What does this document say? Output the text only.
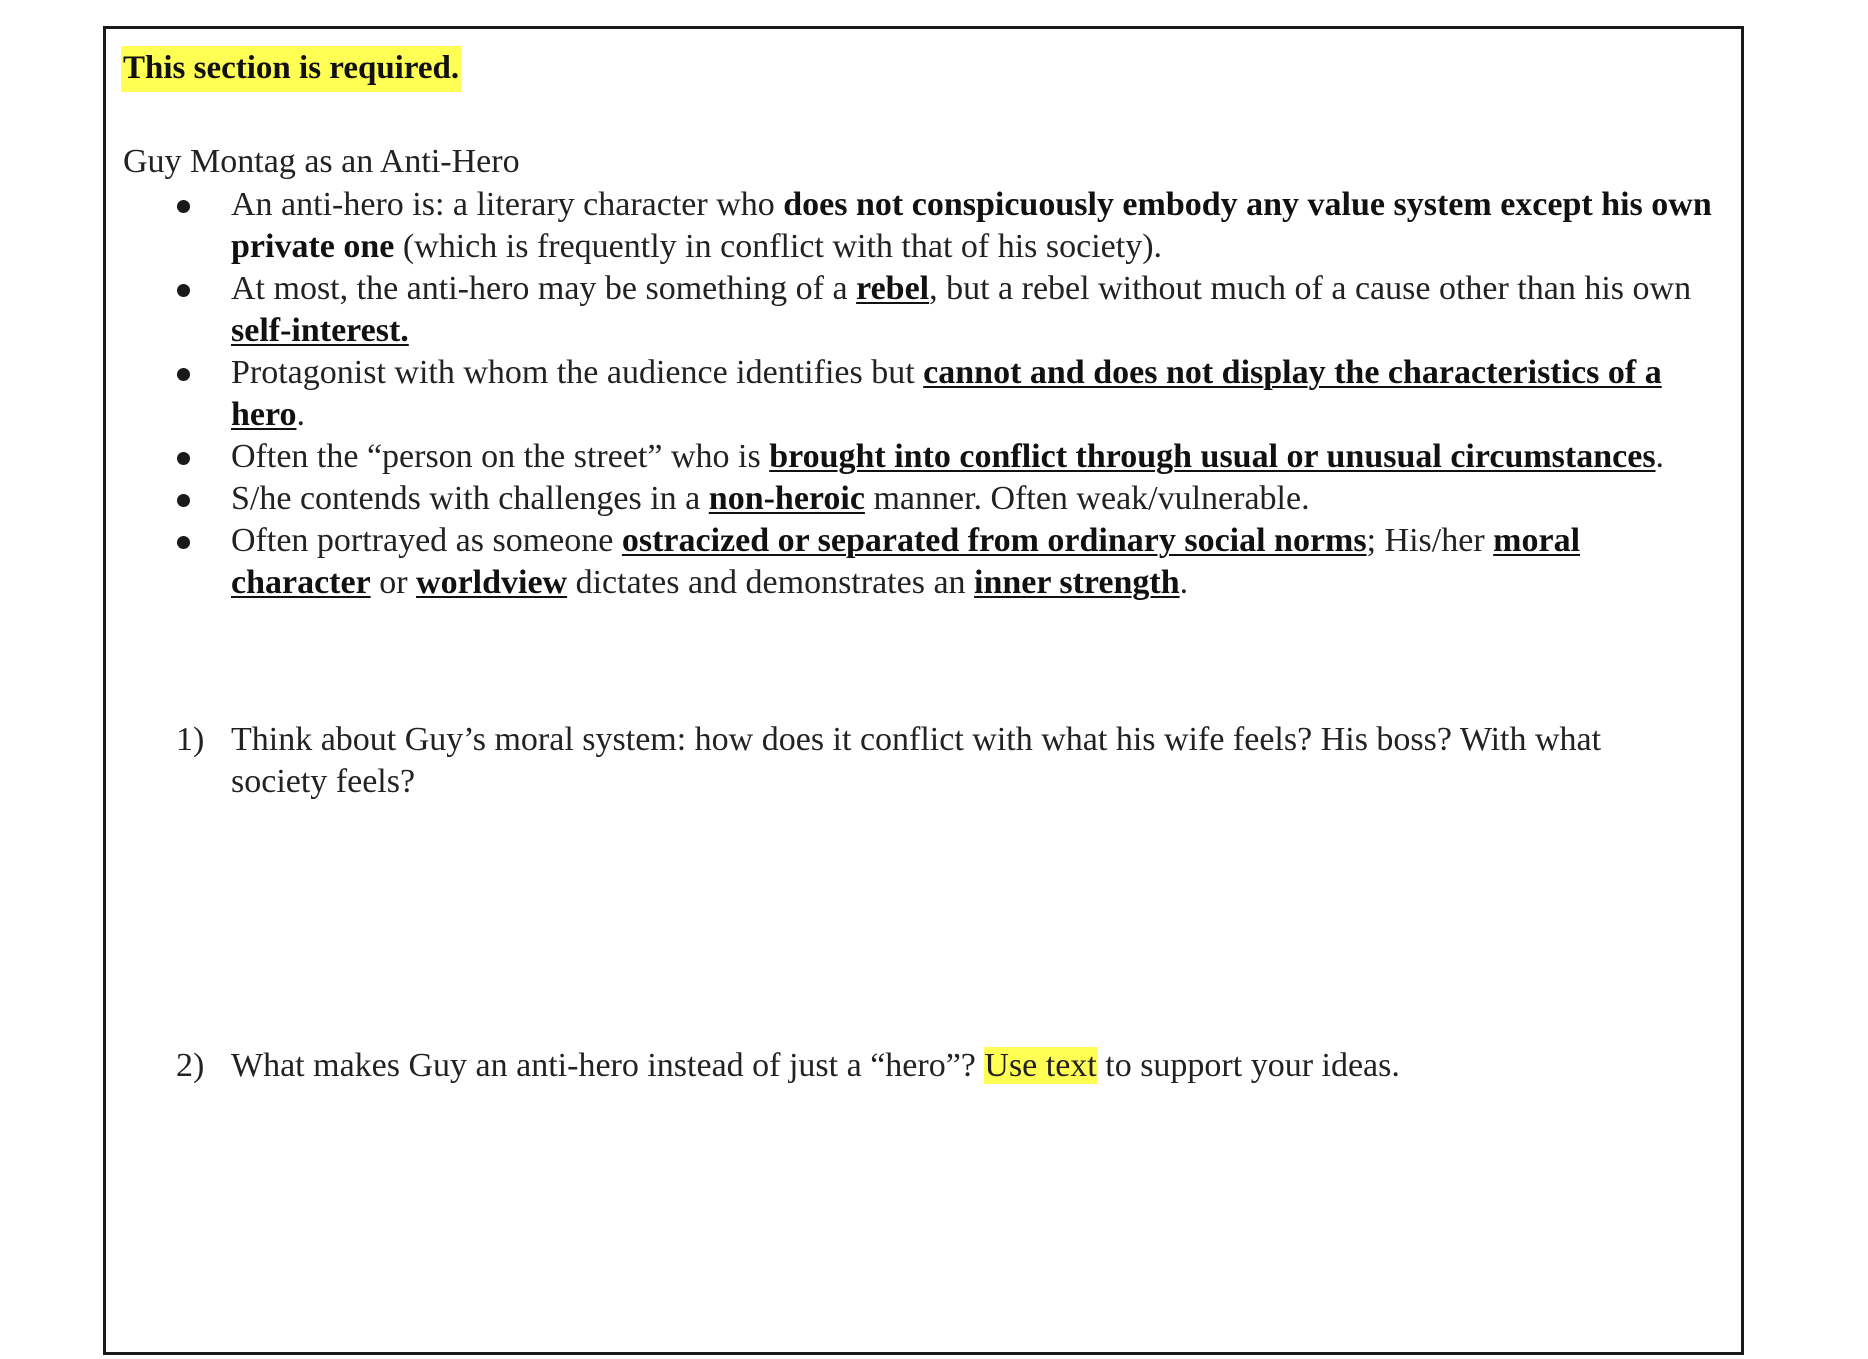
This section is required.
Guy Montag as an Anti-Hero
An anti-hero is: a literary character who does not conspicuously embody any value system except his own private one (which is frequently in conflict with that of his society).
At most, the anti-hero may be something of a rebel, but a rebel without much of a cause other than his own self-interest.
Protagonist with whom the audience identifies but cannot and does not display the characteristics of a hero.
Often the “person on the street” who is brought into conflict through usual or unusual circumstances.
S/he contends with challenges in a non-heroic manner. Often weak/vulnerable.
Often portrayed as someone ostracized or separated from ordinary social norms; His/her moral character or worldview dictates and demonstrates an inner strength.
1) Think about Guy’s moral system: how does it conflict with what his wife feels? His boss? With what society feels?
2) What makes Guy an anti-hero instead of just a “hero”? Use text to support your ideas.
